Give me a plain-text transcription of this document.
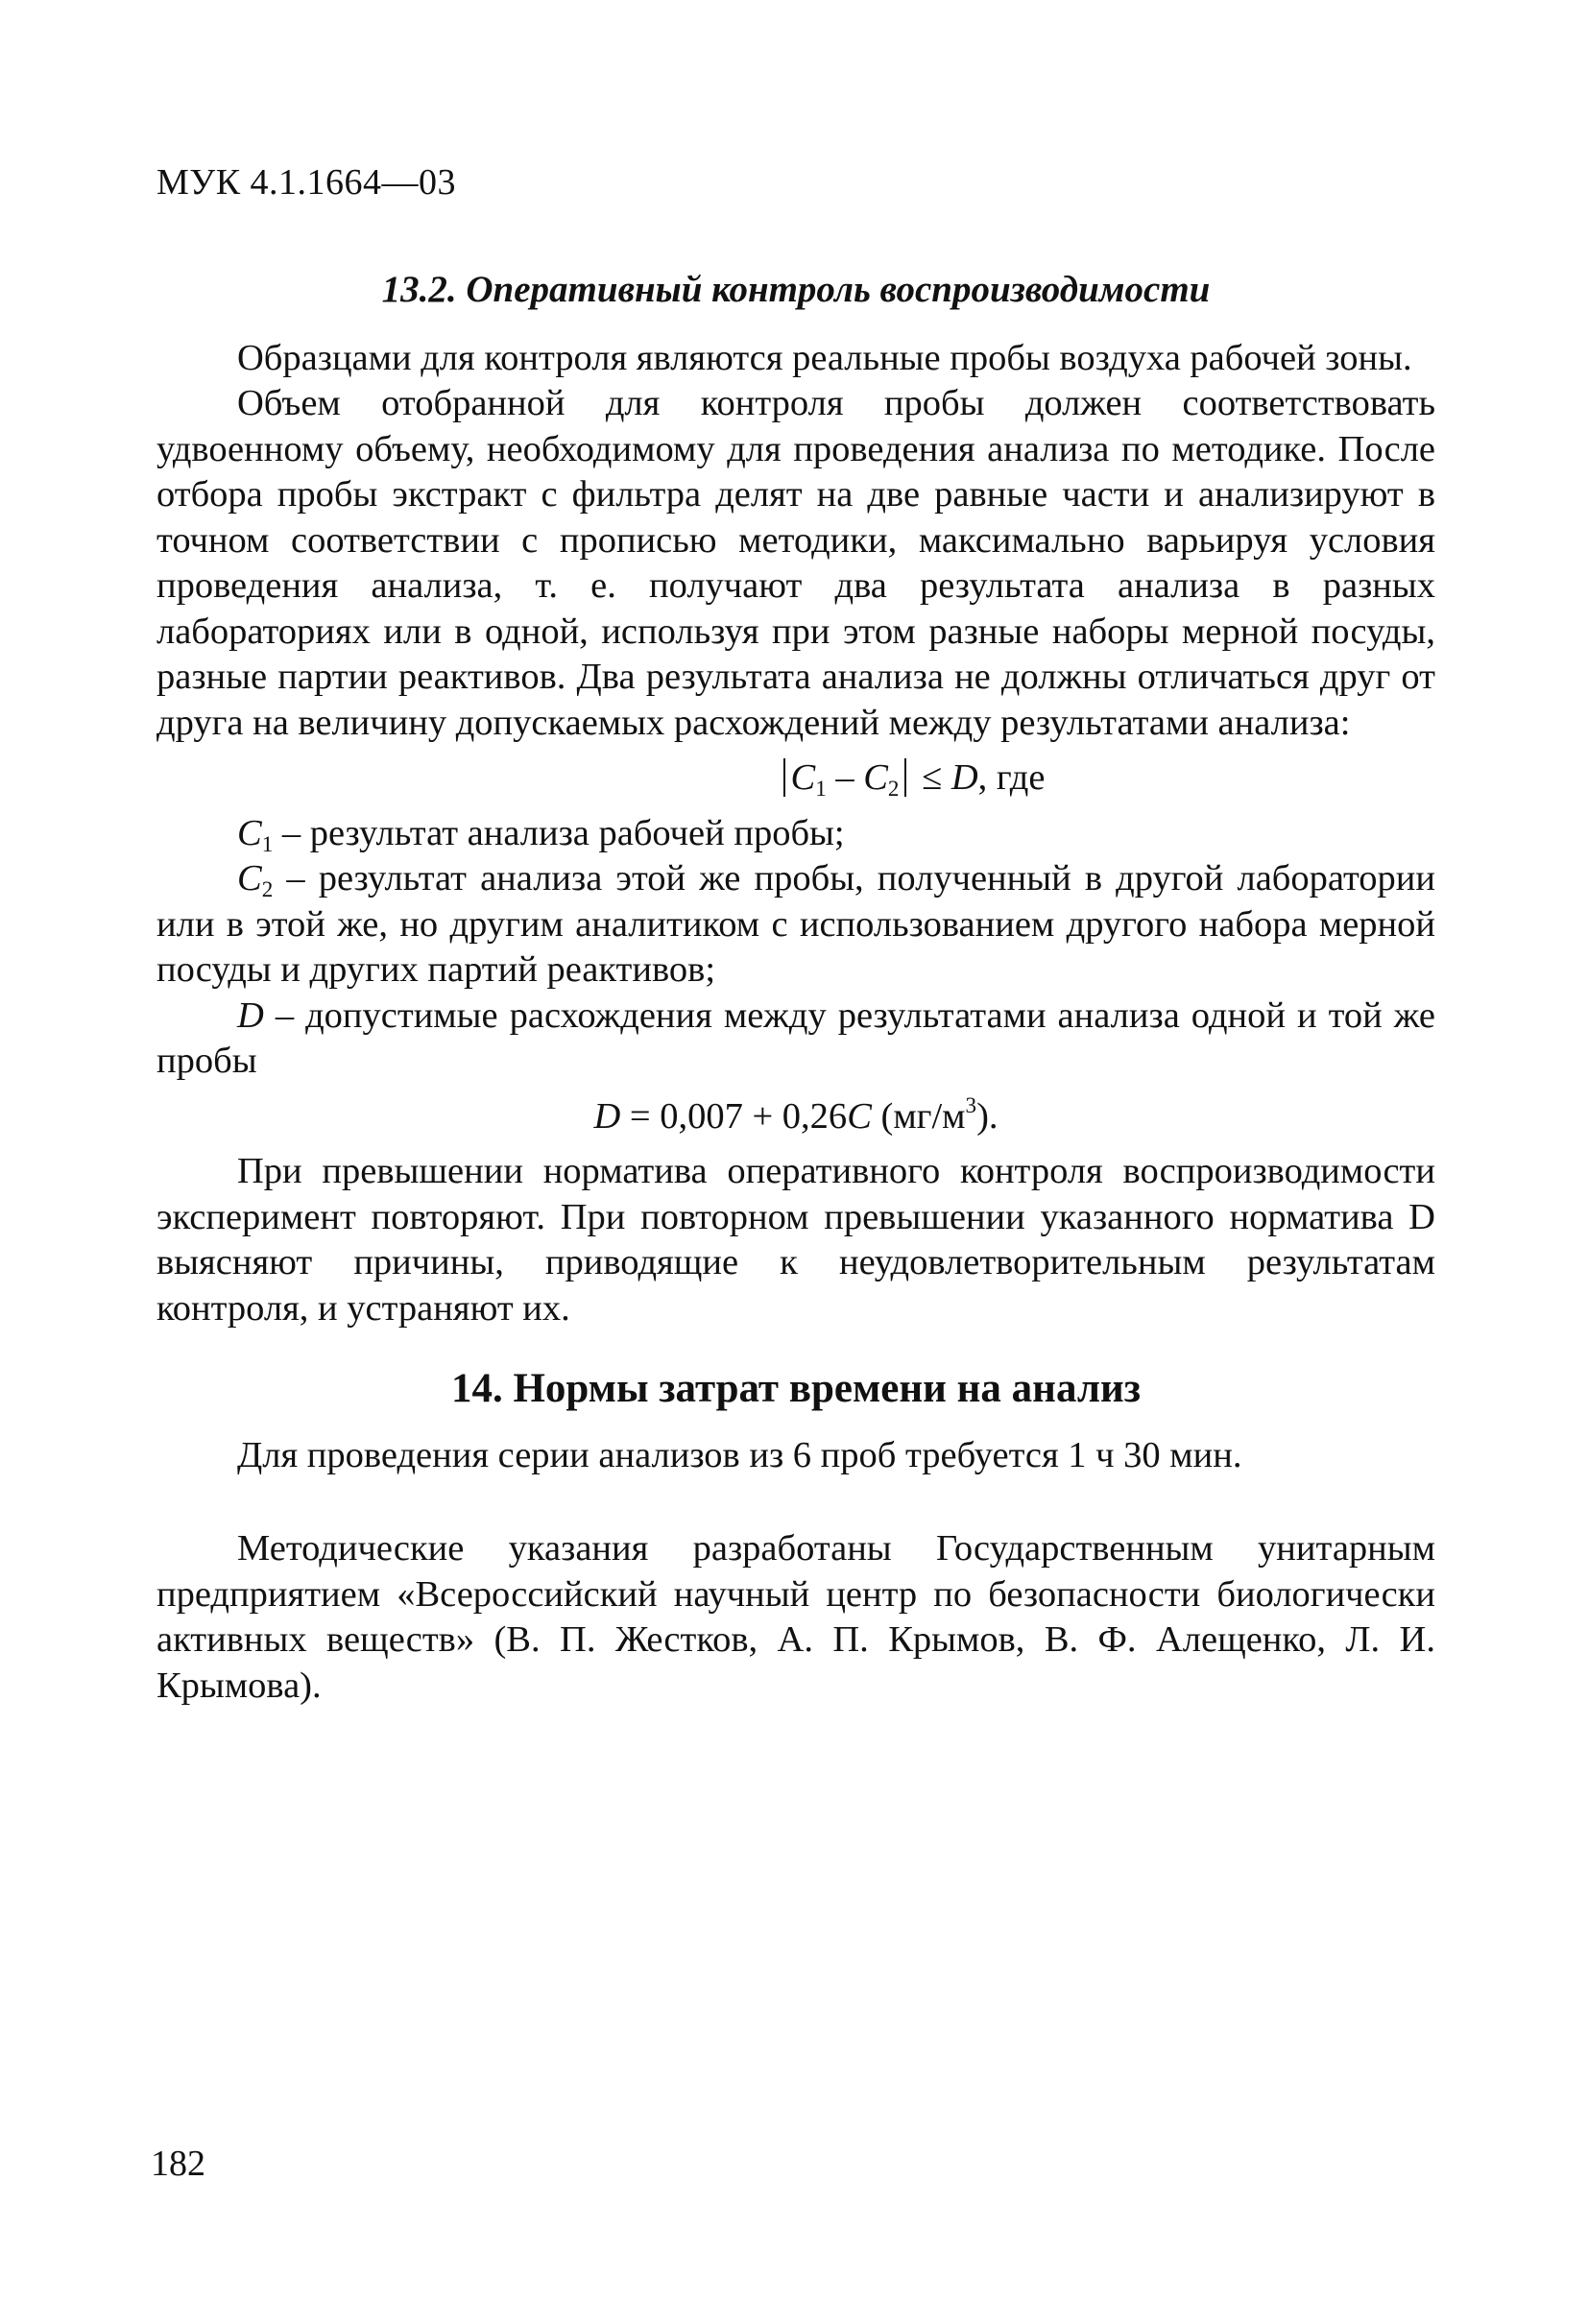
МУК 4.1.1664—03
13.2. Оперативный контроль воспроизводимости

Образцами для контроля являются реальные пробы воздуха рабочей зоны.

Объем отобранной для контроля пробы должен соответствовать удвоенному объему, необходимому для проведения анализа по методике. После отбора пробы экстракт с фильтра делят на две равные части и анализируют в точном соответствии с прописью методики, максимально варьируя условия проведения анализа, т. е. получают два результата анализа в разных лабораториях или в одной, используя при этом разные наборы мерной посуды, разные партии реактивов. Два результата анализа не должны отличаться друг от друга на величину допускаемых расхождений между результатами анализа:

$C_1 - C_2 \le D$, где

$C_1$ – результат анализа рабочей пробы;

$C_2$ – результат анализа этой же пробы, полученный в другой лаборатории или в этой же, но другим аналитиком с использованием другого набора мерной посуды и других партий реактивов;

D – допустимые расхождения между результатами анализа одной и той же пробы

D = 0,007 + 0,26C $(мг/м^3)$.

При превышении норматива оперативного контроля воспроизводимости эксперимент повторяют. При повторном превышении указанного норматива D выясняют причины, приводящие к неудовлетворительным результатам контроля, и устраняют их.

14. Нормы затрат времени на анализ

Для проведения серии анализов из 6 проб требуется 1 ч 30 мин.

Методические указания разработаны Государственным унитарным предприятием «Всероссийский научный центр по безопасности биологически активных веществ» (В. П. Жестков, А. П. Крымов, В. Ф. Алещенко, Л. И. Крымова).

182
